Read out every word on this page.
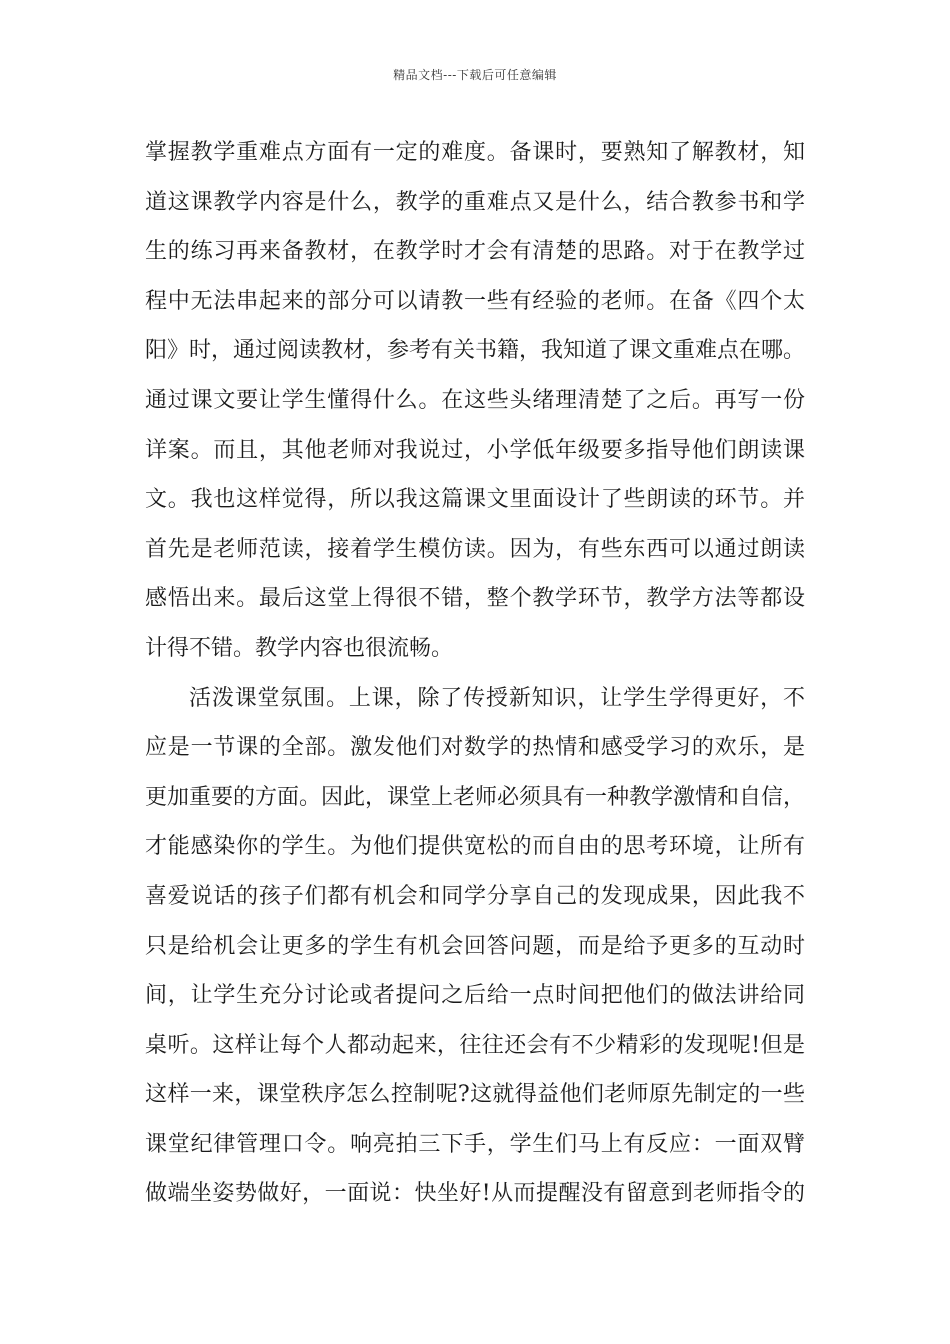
精品文档---下载后可任意编辑
掌握教学重难点方面有一定的难度。备课时，要熟知了解教材，知
道这课教学内容是什么，教学的重难点又是什么，结合教参书和学
生的练习再来备教材，在教学时才会有清楚的思路。对于在教学过
程中无法串起来的部分可以请教一些有经验的老师。在备《四个太
阳》时，通过阅读教材，参考有关书籍，我知道了课文重难点在哪。
通过课文要让学生懂得什么。在这些头绪理清楚了之后。再写一份
详案。而且，其他老师对我说过，小学低年级要多指导他们朗读课
文。我也这样觉得，所以我这篇课文里面设计了些朗读的环节。并
首先是老师范读，接着学生模仿读。因为，有些东西可以通过朗读
感悟出来。最后这堂上得很不错，整个教学环节，教学方法等都设
计得不错。教学内容也很流畅。
活泼课堂氛围。上课，除了传授新知识，让学生学得更好，不
应是一节课的全部。激发他们对数学的热情和感受学习的欢乐，是
更加重要的方面。因此，课堂上老师必须具有一种教学激情和自信，
才能感染你的学生。为他们提供宽松的而自由的思考环境，让所有
喜爱说话的孩子们都有机会和同学分享自己的发现成果，因此我不
只是给机会让更多的学生有机会回答问题，而是给予更多的互动时
间，让学生充分讨论或者提问之后给一点时间把他们的做法讲给同
桌听。这样让每个人都动起来，往往还会有不少精彩的发现呢!但是
这样一来，课堂秩序怎么控制呢?这就得益他们老师原先制定的一些
课堂纪律管理口令。响亮拍三下手，学生们马上有反应：一面双臂
做端坐姿势做好，一面说：快坐好!从而提醒没有留意到老师指令的
